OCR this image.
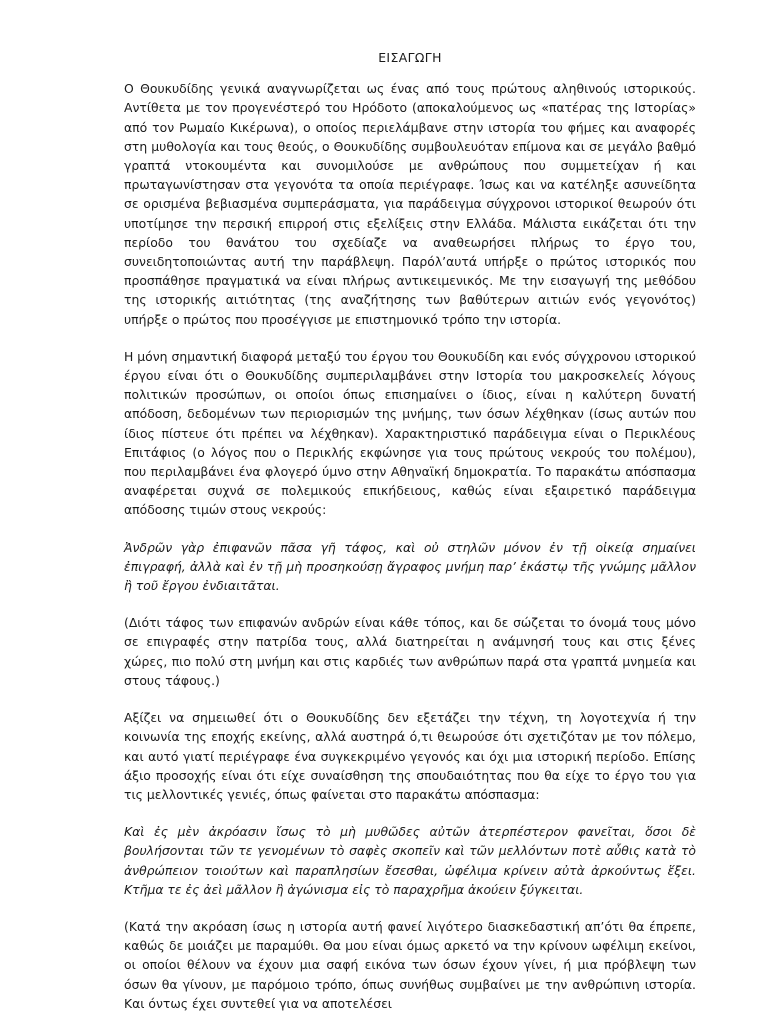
ΕΙΣΑΓΩΓΗ

Ο Θουκυδίδης γενικά αναγνωρίζεται ως ένας από τους πρώτους αληθινούς ιστορικούς. Αντίθετα με τον προγενέστερό του Ηρόδοτο (αποκαλούμενος ως «πατέρας της Ιστορίας» από τον Ρωμαίο Κικέρωνα), ο οποίος περιελάμβανε στην ιστορία του φήμες και αναφορές στη μυθολογία και τους θεούς, ο Θουκυδίδης συμβουλευόταν επίμονα και σε μεγάλο βαθμό γραπτά ντοκουμέντα και συνομιλούσε με ανθρώπους που συμμετείχαν ή και πρωταγωνίστησαν στα γεγονότα τα οποία περιέγραφε. Ίσως και να κατέληξε ασυνείδητα σε ορισμένα βεβιασμένα συμπεράσματα, για παράδειγμα σύγχρονοι ιστορικοί θεωρούν ότι υποτίμησε την περσική επιρροή στις εξελίξεις στην Ελλάδα. Μάλιστα εικάζεται ότι την περίοδο του θανάτου του σχεδίαζε να αναθεωρήσει πλήρως το έργο του, συνειδητοποιώντας αυτή την παράβλεψη. Παρόλ’αυτά υπήρξε ο πρώτος ιστορικός που προσπάθησε πραγματικά να είναι πλήρως αντικειμενικός. Με την εισαγωγή της μεθόδου της ιστορικής αιτιότητας (της αναζήτησης των βαθύτερων αιτιών ενός γεγονότος) υπήρξε ο πρώτος που προσέγγισε με επιστημονικό τρόπο την ιστορία.

Η μόνη σημαντική διαφορά μεταξύ του έργου του Θουκυδίδη και ενός σύγχρονου ιστορικού έργου είναι ότι ο Θουκυδίδης συμπεριλαμβάνει στην Ιστορία του μακροσκελείς λόγους πολιτικών προσώπων, οι οποίοι όπως επισημαίνει ο ίδιος, είναι η καλύτερη δυνατή απόδοση, δεδομένων των περιορισμών της μνήμης, των όσων λέχθηκαν (ίσως αυτών που ίδιος πίστευε ότι πρέπει να λέχθηκαν). Χαρακτηριστικό παράδειγμα είναι ο Περικλέους Επιτάφιος (ο λόγος που ο Περικλής εκφώνησε για τους πρώτους νεκρούς του πολέμου), που περιλαμβάνει ένα φλογερό ύμνο στην Αθηναϊκή δημοκρατία. Το παρακάτω απόσπασμα αναφέρεται συχνά σε πολεμικούς επικήδειους, καθώς είναι εξαιρετικό παράδειγμα απόδοσης τιμών στους νεκρούς:

Ἀνδρῶν γὰρ ἐπιφανῶν πᾶσα γῆ τάφος, καὶ οὐ στηλῶν μόνον ἐν τῇ οἰκείᾳ σημαίνει ἐπιγραφή, ἀλλὰ καὶ ἐν τῇ μὴ προσηκούσῃ ἄγραφος μνήμη παρ’ ἑκάστῳ τῆς γνώμης μᾶλλον ἢ τοῦ ἔργου ἐνδιαιτᾶται.

(Διότι τάφος των επιφανών ανδρών είναι κάθε τόπος, και δε σώζεται το όνομά τους μόνο σε επιγραφές στην πατρίδα τους, αλλά διατηρείται η ανάμνησή τους και στις ξένες χώρες, πιο πολύ στη μνήμη και στις καρδιές των ανθρώπων παρά στα γραπτά μνημεία και στους τάφους.)

Αξίζει να σημειωθεί ότι ο Θουκυδίδης δεν εξετάζει την τέχνη, τη λογοτεχνία ή την κοινωνία της εποχής εκείνης, αλλά αυστηρά ό,τι θεωρούσε ότι σχετιζόταν με τον πόλεμο, και αυτό γιατί περιέγραφε ένα συγκεκριμένο γεγονός και όχι μια ιστορική περίοδο. Επίσης άξιο προσοχής είναι ότι είχε συναίσθηση της σπουδαιότητας που θα είχε το έργο του για τις μελλοντικές γενιές, όπως φαίνεται στο παρακάτω απόσπασμα:

Καὶ ἐς μὲν ἀκρόασιν ἴσως τὸ μὴ μυθῶδες αὐτῶν ἀτερπέστερον φανεῖται, ὅσοι δὲ βουλήσονται τῶν τε γενομένων τὸ σαφὲς σκοπεῖν καὶ τῶν μελλόντων ποτὲ αὖθις κατὰ τὸ ἀνθρώπειον τοιούτων καὶ παραπλησίων ἔσεσθαι, ὠφέλιμα κρίνειν αὐτὰ ἀρκούντως ἕξει. Κτῆμα τε ἐς ἀεὶ μᾶλλον ἢ ἀγώνισμα εἰς τὸ παραχρῆμα ἀκούειν ξύγκειται.

(Κατά την ακρόαση ίσως η ιστορία αυτή φανεί λιγότερο διασκεδαστική απ’ότι θα έπρεπε, καθώς δε μοιάζει με παραμύθι. Θα μου είναι όμως αρκετό να την κρίνουν ωφέλιμη εκείνοι, οι οποίοι θέλουν να έχουν μια σαφή εικόνα των όσων έχουν γίνει, ή μια πρόβλεψη των όσων θα γίνουν, με παρόμοιο τρόπο, όπως συνήθως συμβαίνει με την ανθρώπινη ιστορία. Και όντως έχει συντεθεί για να αποτελέσει
